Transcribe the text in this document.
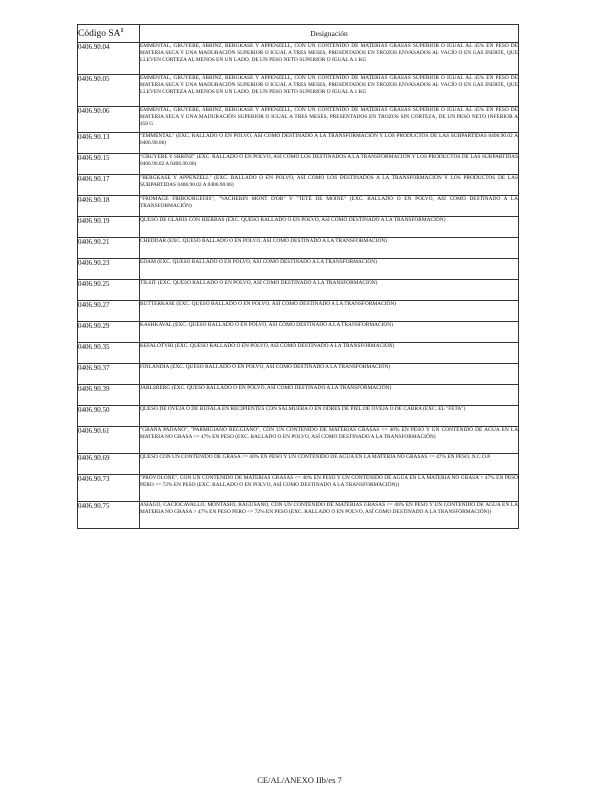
Código $SA^1$	Designación
0406.90.04	EMMENTAL, GRUYÈRE, SBRINZ, BERGKÄSE Y APPENZELL, CON UN CONTENIDO DE MATERIAS GRASAS SUPERIOR O IGUAL AL 45% EN PESO DE MATERIA SECA Y UNA MADURACIÓN SUPERIOR O IGUAL A TRES MESES, PRESENTADOS EN TROZOS ENVASADOS AL VACÍO O EN GAS INERTE, QUE LLEVEN CORTEZA AL MENOS EN UN LADO, DE UN PESO NETO SUPERIOR O IGUAL A 1 KG
0406.90.05	EMMENTAL, GRUYÈRE, SBRINZ, BERGKÄSE Y APPENZELL, CON UN CONTENIDO DE MATERIAS GRASAS SUPERIOR O IGUAL AL 45% EN PESO DE MATERIA SECA Y UNA MADURACIÓN SUPERIOR O IGUAL A TRES MESES, PRESENTADOS EN TROZOS ENVASADOS AL VACÍO O EN GAS INERTE, QUE LLEVEN CORTEZA AL MENOS EN UN LADO, DE UN PESO NETO SUPERIOR O IGUAL A 1 KG
0406.90.06	EMMENTAL, GRUYÈRE, SBRINZ, BERGKÄSE Y APPENZELL, CON UN CONTENIDO DE MATERIAS GRASAS SUPERIOR O IGUAL AL 45% EN PESO DE MATERIA SECA Y UNA MADURACIÓN SUPERIOR O IGUAL A TRES MESES, PRESENTADOS EN TROZOS SIN CORTEZA, DE UN PESO NETO INFERIOR A 450 G
0406.90.13	"EMMENTAL" (EXC. RALLADO O EN POLVO, ASÍ COMO DESTINADO A LA TRANSFORMACIÓN Y LOS PRODUCTOS DE LAS SUBPARTIDAS 0406.90.02 A 0406.90.06)
0406.90.15	"GRUYERE Y SBRINZ" (EXC. RALLADO O EN POLVO, ASÍ COMO LOS DESTINADOS A LA TRANSFORMACIÓN Y LOS PRODUCTOS DE LAS SUBPARTIDAS 0406.90.02 A 0406.90.06)
0406.90.17	"BERGKASE Y APPENZELL" (EXC. RALLADO O EN POLVO, ASÍ COMO LOS DESTINADOS A LA TRANSFORMACIÓN Y LOS PRODUCTOS DE LAS SUBPARTIDAS 0406.90.02 A 0406.90.06)
0406.90.18	"FROMAGE FRIBOURGEOIS", "VACHERIN MONT D'OR" Y "TÊTE DE MOINE" (EXC. RALLADO O EN POLVO, ASÍ COMO DESTINADO A LA TRANSFORMACIÓN)
0406.90.19	QUESO DE GLARIS CON HIERBAS (EXC. QUESO RALLADO O EN POLVO, ASÍ COMO DESTINADO A LA TRANSFORMACIÓN)
0406.90.21	CHEDDAR (EXC. QUESO RALLADO O EN POLVO, ASÍ COMO DESTINADO A LA TRANSFORMACIÓN)
0406.90.23	EDAM (EXC. QUESO RALLADO O EN POLVO, ASÍ COMO DESTINADO A LA TRANSFORMACIÓN)
0406.90.25	TILSIT (EXC. QUESO RALLADO O EN POLVO, ASÍ COMO DESTINADO A LA TRANSFORMACIÓN)
0406.90.27	BUTTERKASE (EXC. QUESO RALLADO O EN POLVO, ASÍ COMO DESTINADO A LA TRANSFORMACIÓN)
0406.90.29	KASHKAVAL (EXC. QUESO RALLADO O EN POLVO, ASÍ COMO DESTINADO A LA TRANSFORMACIÓN)
0406.90.35	KEFALOTYRI (EXC. QUESO RALLADO O EN POLVO, ASÍ COMO DESTINADO A LA TRANSFORMACIÓN)
0406.90.37	FINLANDIA (EXC. QUESO RALLADO O EN POLVO, ASÍ COMO DESTINADO A LA TRANSFORMACIÓN)
0406.90.39	JARLSBERG (EXC. QUESO RALLADO O EN POLVO, ASÍ COMO DESTINADO A LA TRANSFORMACIÓN)
0406.90.50	QUESO DE OVEJA O DE BÚFALA EN RECIPIENTES CON SALMUERA O EN ODRES DE PIEL DE OVEJA O DE CABRA (EXC. EL "FETA")
0406.90.61	"GRANA PADANO", "PARMIGIANO REGGIANO", CON UN CONTENIDO DE MATERIAS GRASAS <= 40% EN PESO Y UN CONTENIDO DE AGUA EN LA MATERIA NO GRASA <= 47% EN PESO (EXC. RALLADO O EN POLVO, ASÍ COMO DESTINADO A LA TRANSFORMACIÓN)
0406.90.69	QUESO CON UN CONTENIDO DE GRASA <= 40% EN PESO Y UN CONTENIDO DE AGUA EN LA MATERIA NO GRASAS <= 47% EN PESO, N.C.O.P.
0406.90.73	"PROVOLONE", CON UN CONTENIDO DE MATERIAS GRASAS <= 40% EN PESO Y UN CONTENIDO DE AGUA EN LA MATERIA NO GRASA > 47% EN PESO PERO <= 72% EN PESO (EXC. RALLADO O EN POLVO, ASÍ COMO DESTINADO A LA TRANSFORMACIÓN))
0406.90.75	ASIAGO, CACIOCAVALLO, MONTASIO, RAGUSANO, CON UN CONTENIDO DE MATERIAS GRASAS <= 40% EN PESO Y UN CONTENIDO DE AGUA EN LA MATERIA NO GRASA > 47% EN PESO PERO <= 72% EN PESO (EXC. RALLADO O EN POLVO, ASÍ COMO DESTINADO A LA TRANSFORMACIÓN))
CE/AL/ANEXO IIb/es 7
